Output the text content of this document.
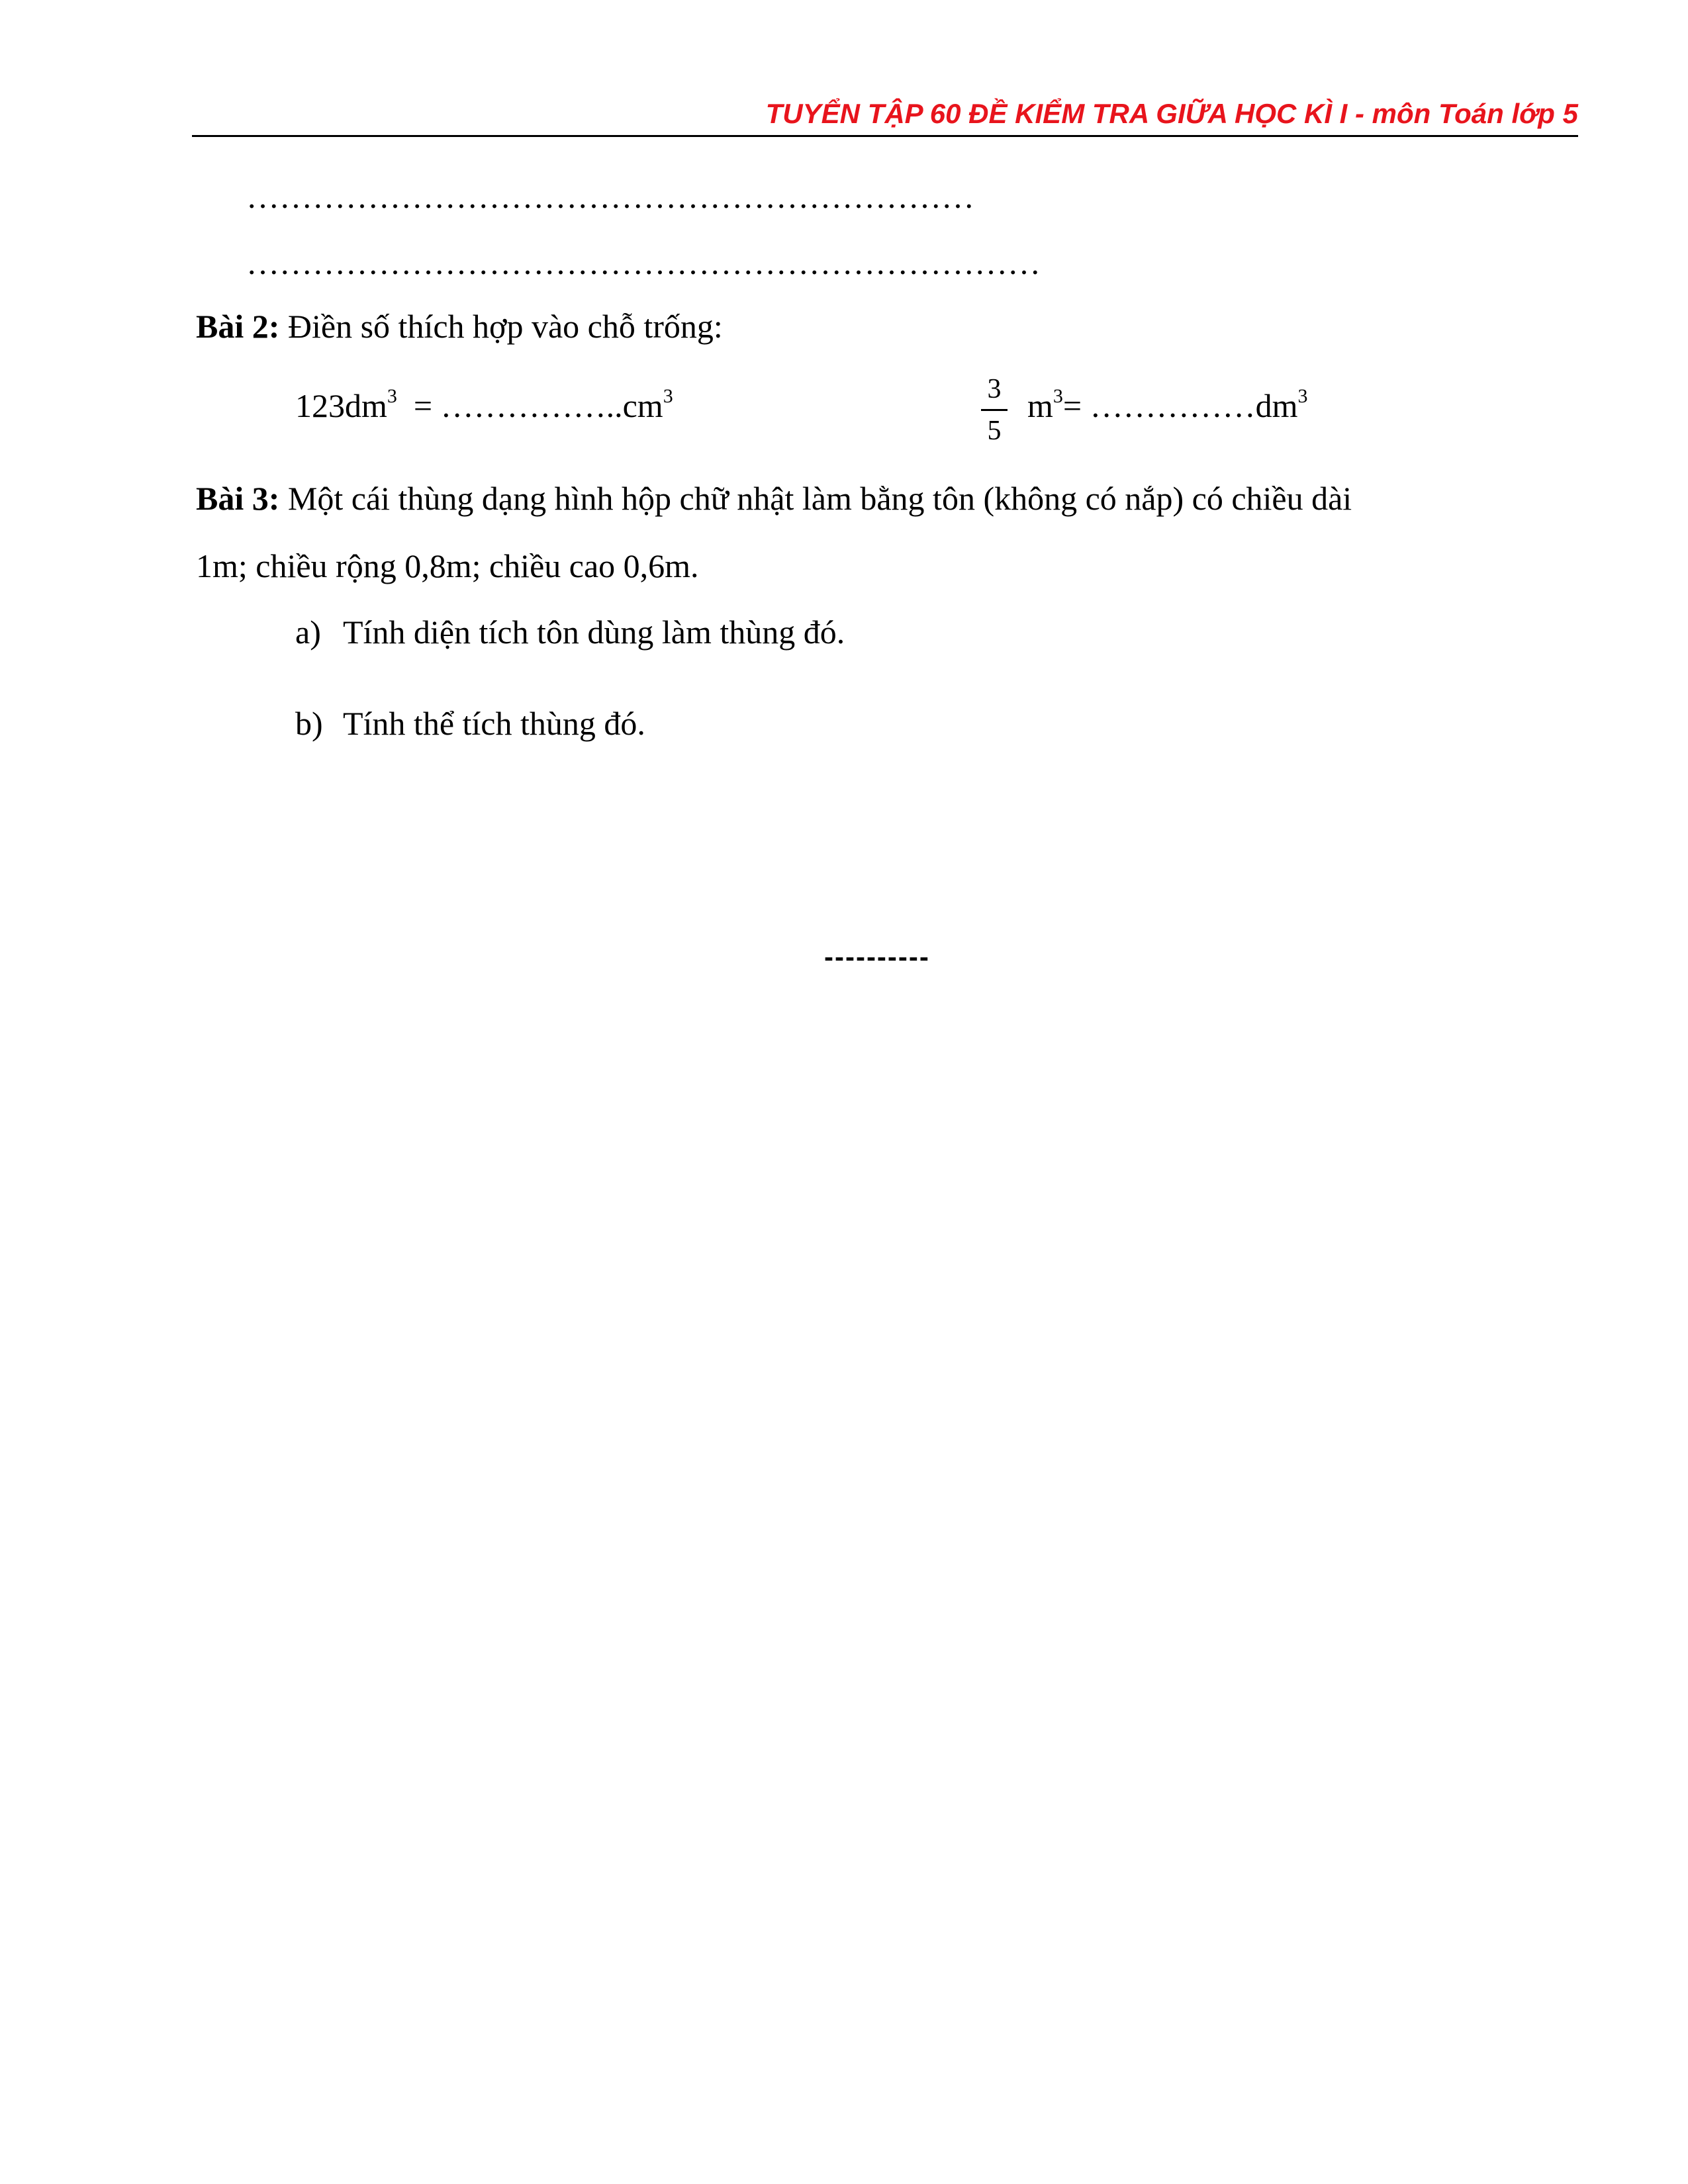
TUYỂN TẬP 60 ĐỀ KIỂM TRA GIỮA HỌC KÌ I - môn Toán lớp 5
…………………………………………………………
………………………………………………………………
Bài 2: Điền số thích hợp vào chỗ trống:
$123dm^3$  = $\dots\dots\dots\dots\dots..cm^3$	3
5
$m^3=$ $\dots\dots\dots\dots\dots dm^3$
Bài 3: Một cái thùng dạng hình hộp chữ nhật làm bằng tôn (không có nắp) có chiều dài
1m; chiều rộng 0,8m; chiều cao 0,6m.
a) Tính diện tích tôn dùng làm thùng đó.
b) Tính thể tích thùng đó.
----------
